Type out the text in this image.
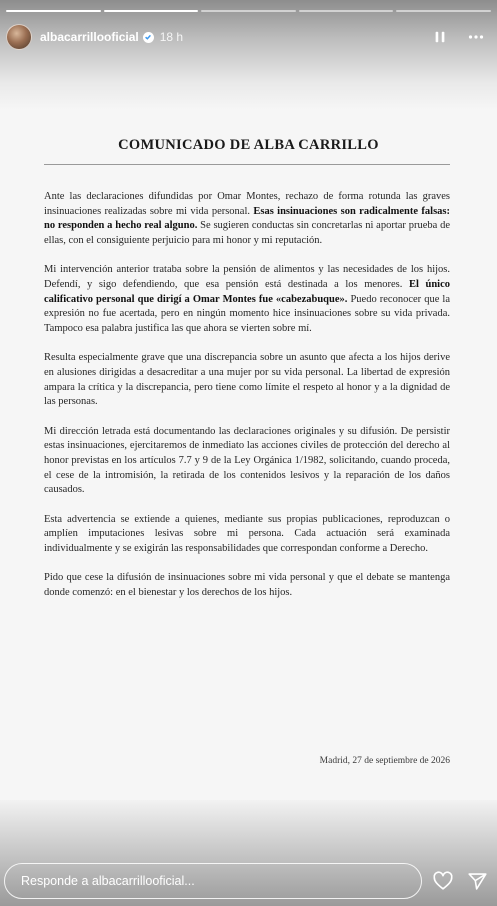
albacarrillooficial 18 h
COMUNICADO DE ALBA CARRILLO

Ante las declaraciones difundidas por Omar Montes, rechazo de forma rotunda las graves insinuaciones realizadas sobre mi vida personal. Esas insinuaciones son radicalmente falsas: no responden a hecho real alguno. Se sugieren conductas sin concretarlas ni aportar prueba de ellas, con el consiguiente perjuicio para mi honor y mi reputación.

Mi intervención anterior trataba sobre la pensión de alimentos y las necesidades de los hijos. Defendí, y sigo defendiendo, que esa pensión está destinada a los menores. El único calificativo personal que dirigí a Omar Montes fue «cabezabuque». Puedo reconocer que la expresión no fue acertada, pero en ningún momento hice insinuaciones sobre su vida privada. Tampoco esa palabra justifica las que ahora se vierten sobre mí.

Resulta especialmente grave que una discrepancia sobre un asunto que afecta a los hijos derive en alusiones dirigidas a desacreditar a una mujer por su vida personal. La libertad de expresión ampara la crítica y la discrepancia, pero tiene como límite el respeto al honor y a la dignidad de las personas.

Mi dirección letrada está documentando las declaraciones originales y su difusión. De persistir estas insinuaciones, ejercitaremos de inmediato las acciones civiles de protección del derecho al honor previstas en los artículos 7.7 y 9 de la Ley Orgánica 1/1982, solicitando, cuando proceda, el cese de la intromisión, la retirada de los contenidos lesivos y la reparación de los daños causados.

Esta advertencia se extiende a quienes, mediante sus propias publicaciones, reproduzcan o amplíen imputaciones lesivas sobre mi persona. Cada actuación será examinada individualmente y se exigirán las responsabilidades que correspondan conforme a Derecho.

Pido que cese la difusión de insinuaciones sobre mi vida personal y que el debate se mantenga donde comenzó: en el bienestar y los derechos de los hijos.

Madrid, 27 de septiembre de 2026
Responde a albacarrillooficial...
